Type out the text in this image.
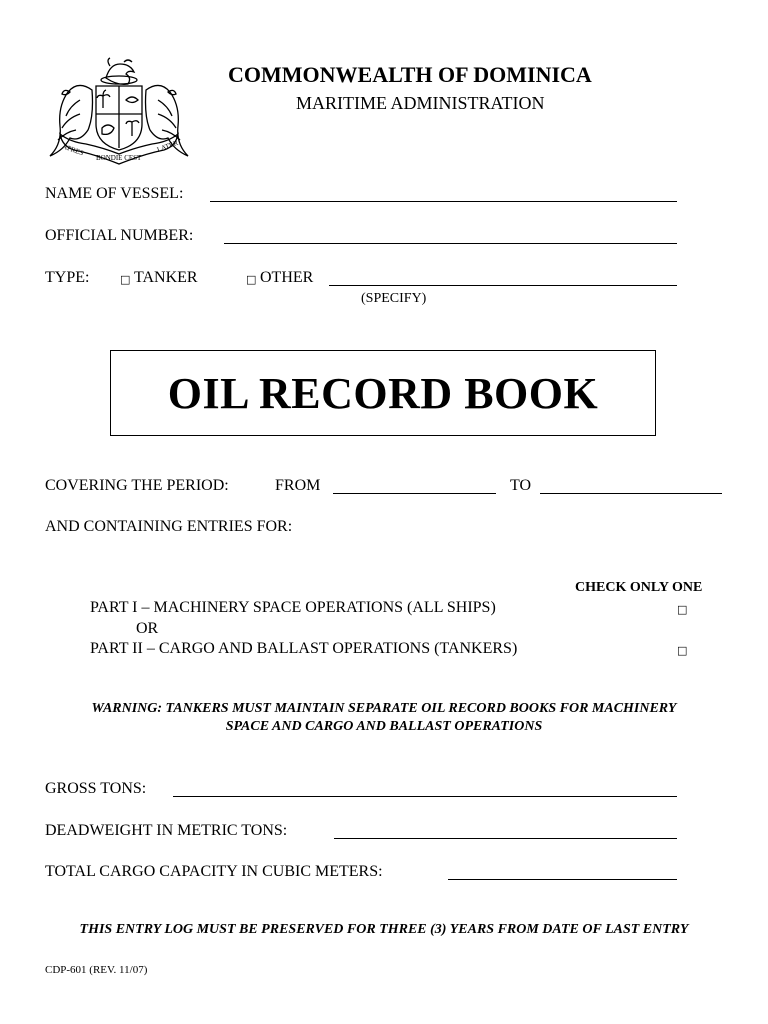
APRES	LATER
BONDIE CEST
COMMONWEALTH OF DOMINICA
MARITIME ADMINISTRATION
NAME OF VESSEL:
OFFICIAL NUMBER:
TYPE:	□ TANKER	□ OTHER
(SPECIFY)
OIL RECORD BOOK
COVERING THE PERIOD:	FROM	TO
AND CONTAINING ENTRIES FOR:
CHECK ONLY ONE
PART I – MACHINERY SPACE OPERATIONS (ALL SHIPS)	□
OR
PART II – CARGO AND BALLAST OPERATIONS (TANKERS)	□
WARNING: TANKERS MUST MAINTAIN SEPARATE OIL RECORD BOOKS FOR MACHINERY
SPACE AND CARGO AND BALLAST OPERATIONS
GROSS TONS:
DEADWEIGHT IN METRIC TONS:
TOTAL CARGO CAPACITY IN CUBIC METERS:
THIS ENTRY LOG MUST BE PRESERVED FOR THREE (3) YEARS FROM DATE OF LAST ENTRY
CDP-601 (REV. 11/07)
